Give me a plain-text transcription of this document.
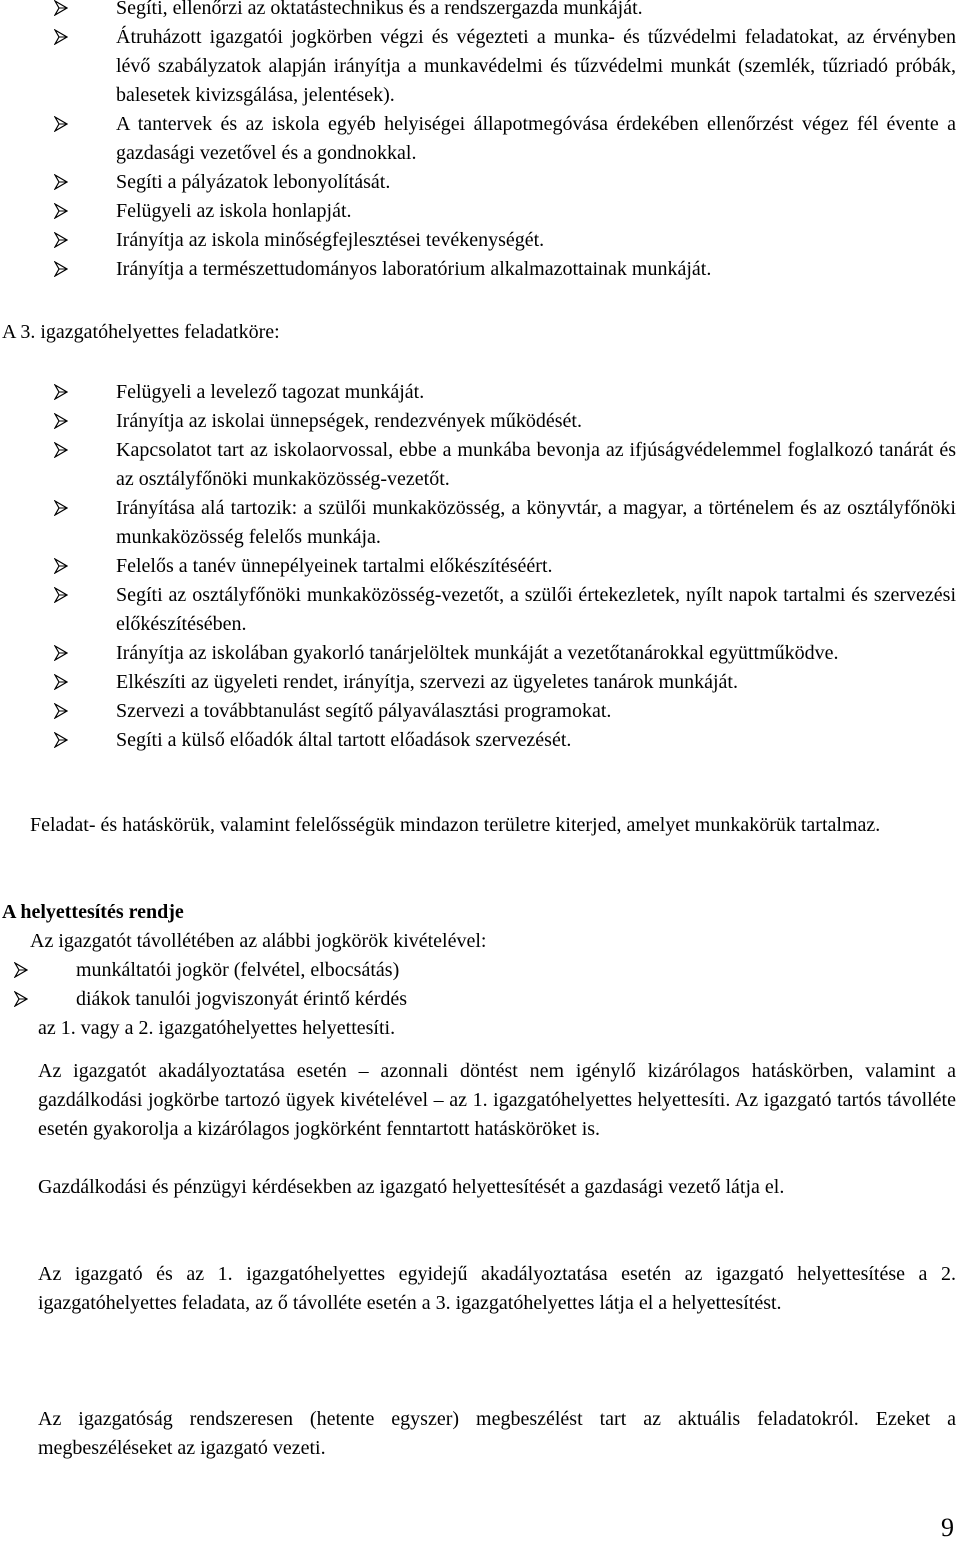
Segíti, ellenőrzi az oktatástechnikus és a rendszergazda munkáját.
Átruházott igazgatói jogkörben végzi és végezteti a munka- és tűzvédelmi feladatokat, az érvényben lévő szabályzatok alapján irányítja a munkavédelmi és tűzvédelmi munkát (szemlék, tűzriadó próbák, balesetek kivizsgálása, jelentések).
A tantervek és az iskola egyéb helyiségei állapotmegóvása érdekében ellenőrzést végez fél évente a gazdasági vezetővel és a gondnokkal.
Segíti a pályázatok lebonyolítását.
Felügyeli az iskola honlapját.
Irányítja az iskola minőségfejlesztései tevékenységét.
Irányítja a természettudományos laboratórium alkalmazottainak munkáját.
A 3. igazgatóhelyettes feladatköre:
Felügyeli a levelező tagozat munkáját.
Irányítja az iskolai ünnepségek, rendezvények működését.
Kapcsolatot tart az iskolaorvossal, ebbe a munkába bevonja az ifjúságvédelemmel foglalkozó tanárát és az osztályfőnöki munkaközösség-vezetőt.
Irányítása alá tartozik: a szülői munkaközösség, a könyvtár, a magyar, a történelem és az osztályfőnöki munkaközösség felelős munkája.
Felelős a tanév ünnepélyeinek tartalmi előkészítéséért.
Segíti az osztályfőnöki munkaközösség-vezetőt, a szülői értekezletek, nyílt napok tartalmi és szervezési előkészítésében.
Irányítja az iskolában gyakorló tanárjelöltek munkáját a vezetőtanárokkal együttműködve.
Elkészíti az ügyeleti rendet, irányítja, szervezi az ügyeletes tanárok munkáját.
Szervezi a továbbtanulást segítő pályaválasztási programokat.
Segíti a külső előadók által tartott előadások szervezését.
Feladat- és hatáskörük, valamint felelősségük mindazon területre kiterjed, amelyet munkakörük tartalmaz.
A helyettesítés rendje
Az igazgatót távollétében az alábbi jogkörök kivételével:
munkáltatói jogkör (felvétel, elbocsátás)
diákok tanulói jogviszonyát érintő kérdés
az 1. vagy a 2. igazgatóhelyettes helyettesíti.
Az igazgatót akadályoztatása esetén – azonnali döntést nem igénylő kizárólagos hatáskörben, valamint a gazdálkodási jogkörbe tartozó ügyek kivételével – az 1. igazgatóhelyettes helyettesíti. Az igazgató tartós távolléte esetén gyakorolja a kizárólagos jogkörként fenntartott hatásköröket is.
Gazdálkodási és pénzügyi kérdésekben az igazgató helyettesítését a gazdasági vezető látja el.
Az igazgató és az 1. igazgatóhelyettes egyidejű akadályoztatása esetén az igazgató helyettesítése a 2. igazgatóhelyettes feladata, az ő távolléte esetén a 3. igazgatóhelyettes látja el a helyettesítést.
Az igazgatóság rendszeresen (hetente egyszer) megbeszélést tart az aktuális feladatokról. Ezeket a megbeszéléseket az igazgató vezeti.
9
